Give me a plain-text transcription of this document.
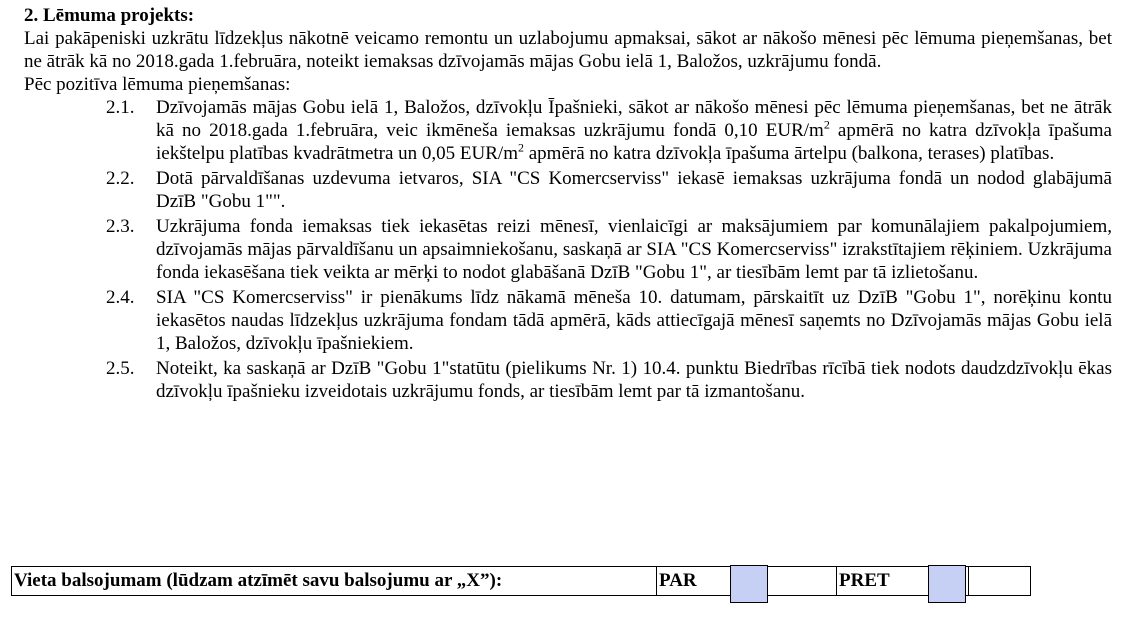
2. Lēmuma projekts:

Lai pakāpeniski uzkrātu līdzekļus nākotnē veicamo remontu un uzlabojumu apmaksai, sākot ar nākošo mēnesi pēc lēmuma pieņemšanas, bet ne ātrāk kā no 2018.gada 1.februāra, noteikt iemaksas dzīvojamās mājas Gobu ielā 1, Baložos, uzkrājumu fondā.

Pēc pozitīva lēmuma pieņemšanas:

2.1. Dzīvojamās mājas Gobu ielā 1, Baložos, dzīvokļu Īpašnieki, sākot ar nākošo mēnesi pēc lēmuma pieņemšanas, bet ne ātrāk kā no 2018.gada 1.februāra, veic ikmēneša iemaksas uzkrājumu fondā 0,10 EUR/$m^2$ apmērā no katra dzīvokļa īpašuma iekštelpu platības kvadrātmetra un 0,05 EUR/$m^2$ apmērā no katra dzīvokļa īpašuma ārtelpu (balkona, terases) platības.
2.2. Dotā pārvaldīšanas uzdevuma ietvaros, SIA "CS Komercserviss" iekasē iemaksas uzkrājuma fondā un nodod glabājumā DzīB "Gobu 1"".
2.3. Uzkrājuma fonda iemaksas tiek iekasētas reizi mēnesī, vienlaicīgi ar maksājumiem par komunālajiem pakalpojumiem, dzīvojamās mājas pārvaldīšanu un apsaimniekošanu, saskaņā ar SIA "CS Komercserviss" izrakstītajiem rēķiniem. Uzkrājuma fonda iekasēšana tiek veikta ar mērķi to nodot glabāšanā DzīB "Gobu 1", ar tiesībām lemt par tā izlietošanu.
2.4. SIA "CS Komercserviss" ir pienākums līdz nākamā mēneša 10. datumam, pārskaitīt uz DzīB "Gobu 1", norēķinu kontu iekasētos naudas līdzekļus uzkrājuma fondam tādā apmērā, kāds attiecīgajā mēnesī saņemts no Dzīvojamās mājas Gobu ielā 1, Baložos, dzīvokļu īpašniekiem.
2.5. Noteikt, ka saskaņā ar DzīB "Gobu 1"statūtu (pielikums Nr. 1) 10.4. punktu Biedrības rīcībā tiek nodots daudzdzīvokļu ēkas dzīvokļu īpašnieku izveidotais uzkrājumu fonds, ar tiesībām lemt par tā izmantošanu.
Vieta balsojumam (lūdzam atzīmēt savu balsojumu ar „X”):	PAR	PRET
